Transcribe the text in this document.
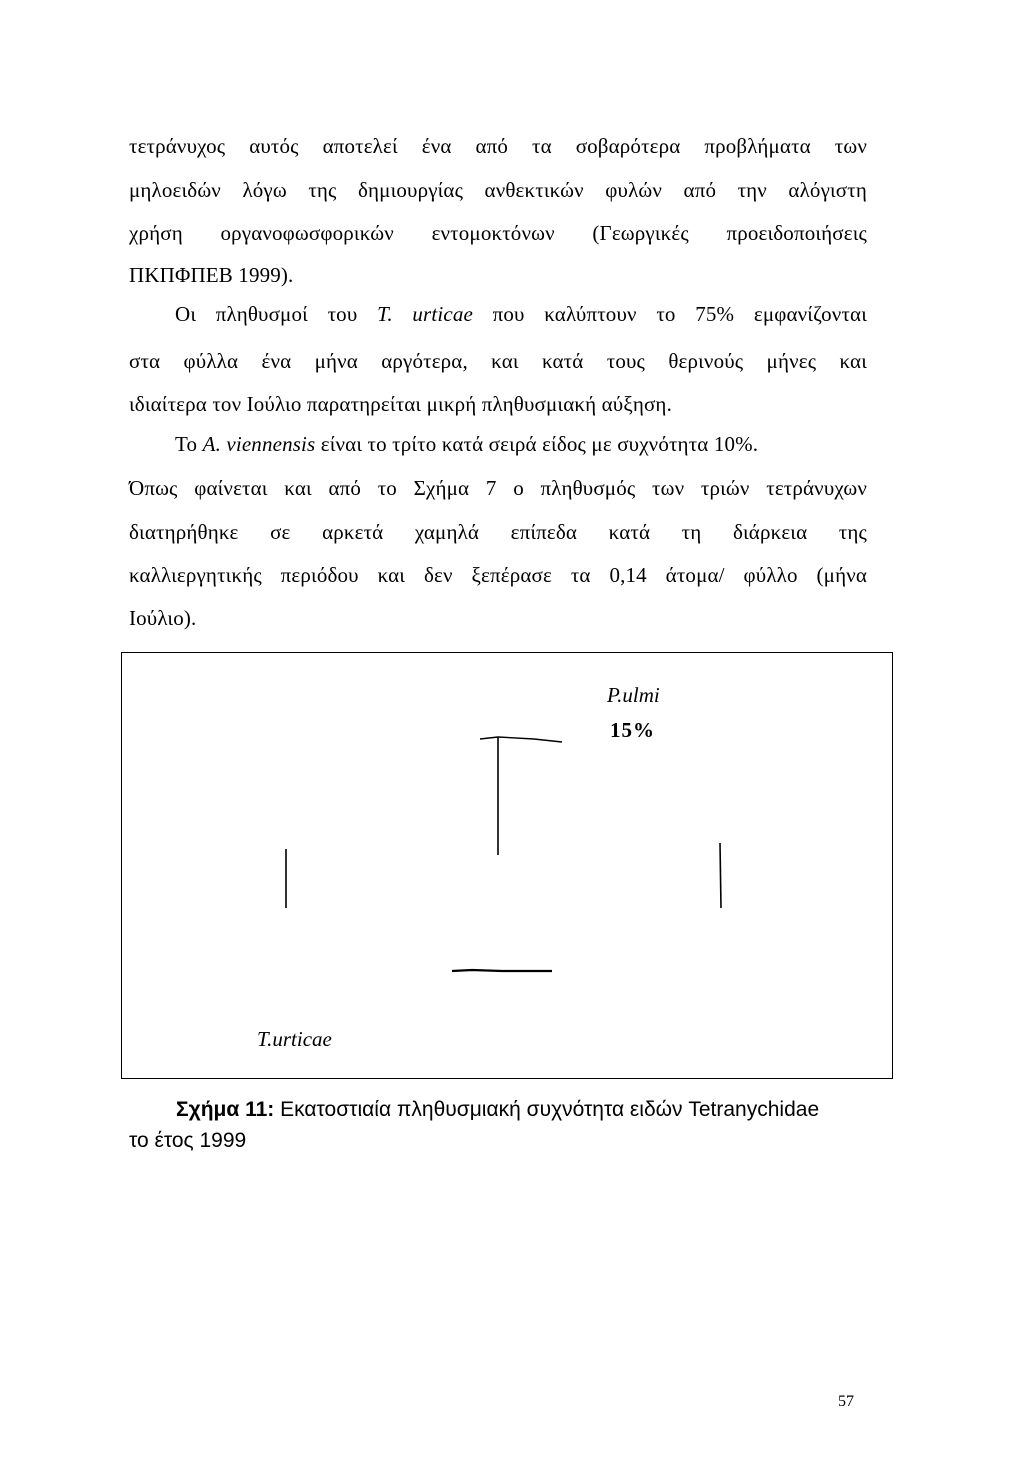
τετράνυχος αυτός αποτελεί ένα από τα σοβαρότερα προβλήματα των
μηλοειδών λόγω της δημιουργίας ανθεκτικών φυλών από την αλόγιστη
χρήση οργανοφωσφορικών εντομοκτόνων (Γεωργικές προειδοποιήσεις
ΠΚΠΦΠΕΒ 1999).
Οι πληθυσμοί του T. urticae που καλύπτουν το 75% εμφανίζονται
στα φύλλα ένα μήνα αργότερα, και κατά τους θερινούς μήνες και
ιδιαίτερα τον Ιούλιο παρατηρείται μικρή πληθυσμιακή αύξηση.
Το A. viennensis είναι το τρίτο κατά σειρά είδος με συχνότητα 10%.
Όπως φαίνεται και από το Σχήμα 7 ο πληθυσμός των τριών τετράνυχων
διατηρήθηκε σε αρκετά χαμηλά επίπεδα κατά τη διάρκεια της
καλλιεργητικής περιόδου και δεν ξεπέρασε τα 0,14 άτομα/ φύλλο (μήνα
Ιούλιο).
P.ulmi
15%
T.urticae
Σχήμα 11: Εκατοστιαία πληθυσμιακή συχνότητα ειδών Tetranychidae
το έτος 1999
57
